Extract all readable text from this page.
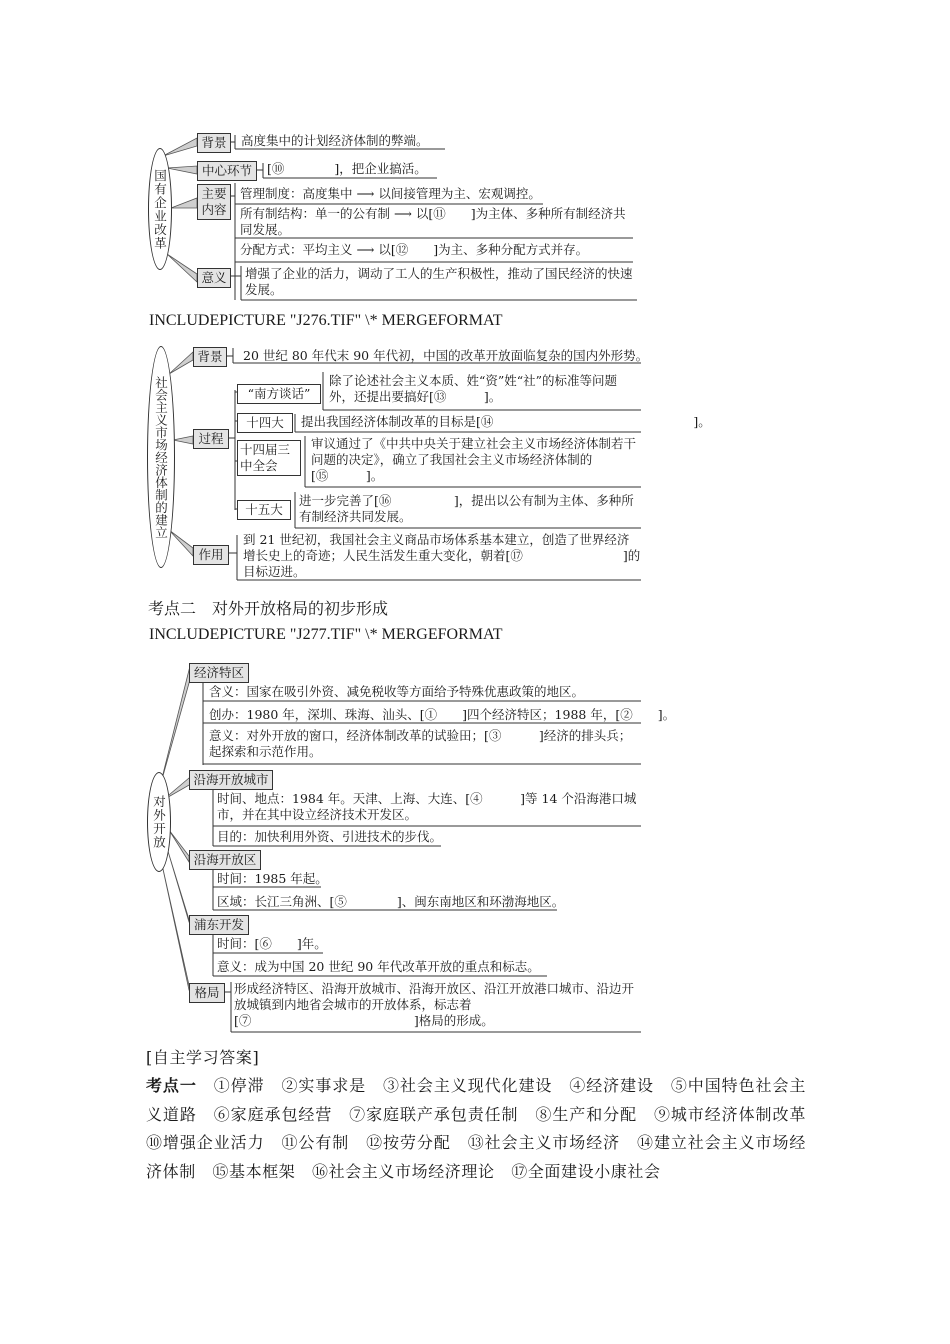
国有企业改革
背景	高度集中的计划经济体制的弊端。
中心环节	[⑩　　　　]，把企业搞活。
主要内容
管理制度：高度集中 ⟶ 以间接管理为主、宏观调控。
所有制结构：单一的公有制 ⟶ 以[⑪　　]为主体、多种所有制经济共同发展。
分配方式：平均主义 ⟶ 以[⑫　　]为主、多种分配方式并存。
意义	增强了企业的活力，调动了工人的生产积极性，推动了国民经济的快速发展。
INCLUDEPICTURE "J276.TIF" \* MERGEFORMAT
社会主义市场经济体制的建立
背景	20 世纪 80 年代末 90 年代初，中国的改革开放面临复杂的国内外形势。
过程
“南方谈话”
除了论述社会主义本质、姓“资”姓“社”的标准等问题外，还提出要搞好[⑬　　　]。
十四大	提出我国经济体制改革的目标是[⑭　　　　　　　　　　　　　　　　]。
十四届三中全会
审议通过了《中共中央关于建立社会主义市场经济体制若干问题的决定》，确立了我国社会主义市场经济体制的[⑮　　　]。
十五大
进一步完善了[⑯　　　　　]，提出以公有制为主体、多种所有制经济共同发展。
作用
到 21 世纪初，我国社会主义商品市场体系基本建立，创造了世界经济增长史上的奇迹；人民生活发生重大变化，朝着[⑰　　　　　　　　]的目标迈进。
考点二　对外开放格局的初步形成
INCLUDEPICTURE "J277.TIF" \* MERGEFORMAT
对外开放
经济特区
含义：国家在吸引外资、减免税收等方面给予特殊优惠政策的地区。
创办：1980 年，深圳、珠海、汕头、[①　　]四个经济特区；1988 年，[②　　]。
意义：对外开放的窗口，经济体制改革的试验田；[③　　　]经济的排头兵；起探索和示范作用。
沿海开放城市
时间、地点：1984 年。天津、上海、大连、[④　　　]等 14 个沿海港口城市，并在其中设立经济技术开发区。
目的：加快利用外资、引进技术的步伐。
沿海开放区
时间：1985 年起。
区域：长江三角洲、[⑤　　　　]、闽东南地区和环渤海地区。
浦东开发
时间：[⑥　　]年。
意义：成为中国 20 世纪 90 年代改革开放的重点和标志。
格局	形成经济特区、沿海开放城市、沿海开放区、沿江开放港口城市、沿边开放城镇到内地省会城市的开放体系，标志着[⑦　　　　　　　　　　　　　]格局的形成。
[自主学习答案]
考点一　 ①停滞　②实事求是　③社会主义现代化建设　④经济建设　⑤中国特色社会主义道路　⑥家庭承包经营　⑦家庭联产承包责任制　⑧生产和分配　⑨城市经济体制改革　⑩增强企业活力　⑪公有制　⑫按劳分配　⑬社会主义市场经济　⑭建立社会主义市场经济体制　⑮基本框架　⑯社会主义市场经济理论　⑰全面建设小康社会
